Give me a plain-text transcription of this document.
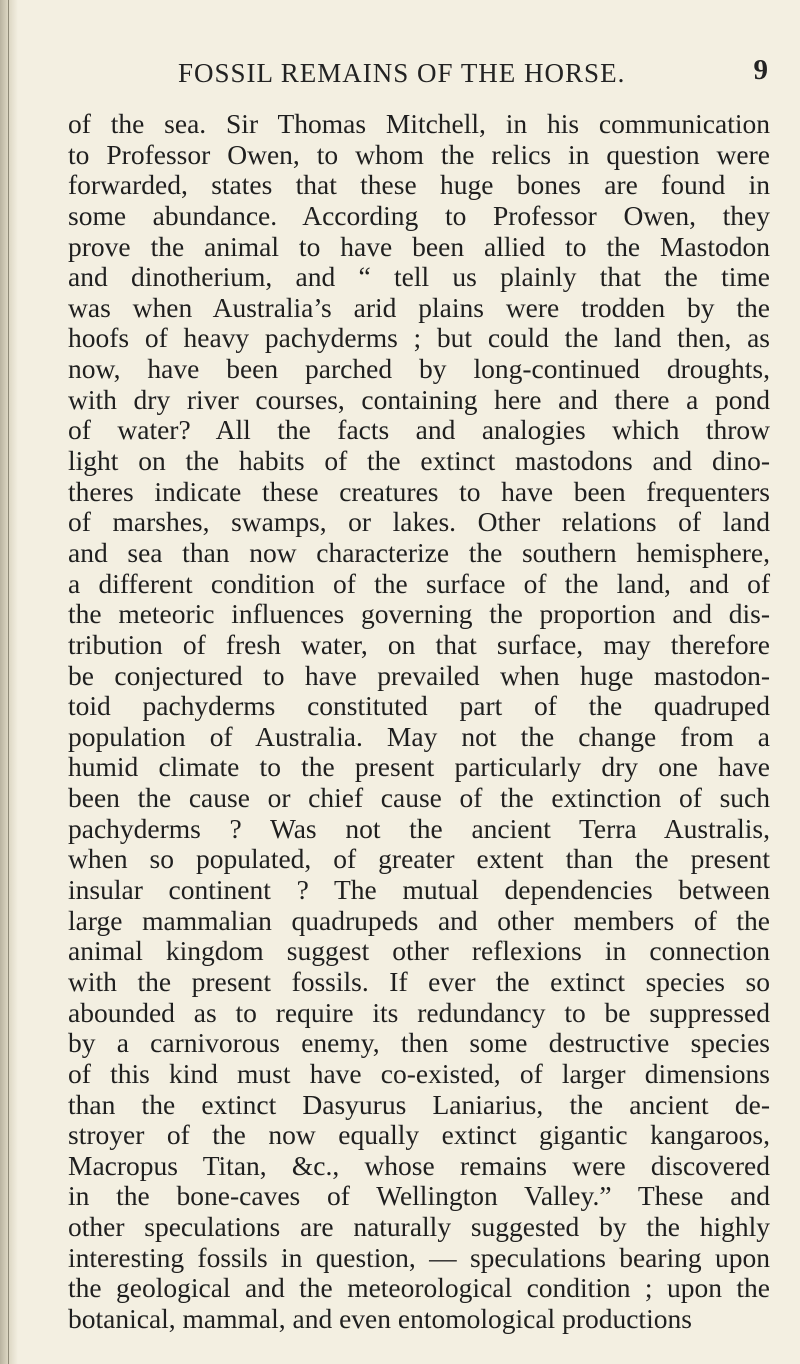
FOSSIL REMAINS OF THE HORSE.	9
of the sea. Sir Thomas Mitchell, in his communication
to Professor Owen, to whom the relics in question were
forwarded, states that these huge bones are found in
some abundance. According to Professor Owen, they
prove the animal to have been allied to the Mastodon
and dinotherium, and “ tell us plainly that the time
was when Australia’s arid plains were trodden by the
hoofs of heavy pachyderms ; but could the land then, as
now, have been parched by long-continued droughts,
with dry river courses, containing here and there a pond
of water? All the facts and analogies which throw
light on the habits of the extinct mastodons and dino-
theres indicate these creatures to have been frequenters
of marshes, swamps, or lakes. Other relations of land
and sea than now characterize the southern hemisphere,
a different condition of the surface of the land, and of
the meteoric influences governing the proportion and dis-
tribution of fresh water, on that surface, may therefore
be conjectured to have prevailed when huge mastodon-
toid pachyderms constituted part of the quadruped
population of Australia. May not the change from a
humid climate to the present particularly dry one have
been the cause or chief cause of the extinction of such
pachyderms ? Was not the ancient Terra Australis,
when so populated, of greater extent than the present
insular continent ? The mutual dependencies between
large mammalian quadrupeds and other members of the
animal kingdom suggest other reflexions in connection
with the present fossils. If ever the extinct species so
abounded as to require its redundancy to be suppressed
by a carnivorous enemy, then some destructive species
of this kind must have co-existed, of larger dimensions
than the extinct Dasyurus Laniarius, the ancient de-
stroyer of the now equally extinct gigantic kangaroos,
Macropus Titan, &c., whose remains were discovered
in the bone-caves of Wellington Valley.” These and
other speculations are naturally suggested by the highly
interesting fossils in question, — speculations bearing upon
the geological and the meteorological condition ; upon the
botanical, mammal, and even entomological productions
